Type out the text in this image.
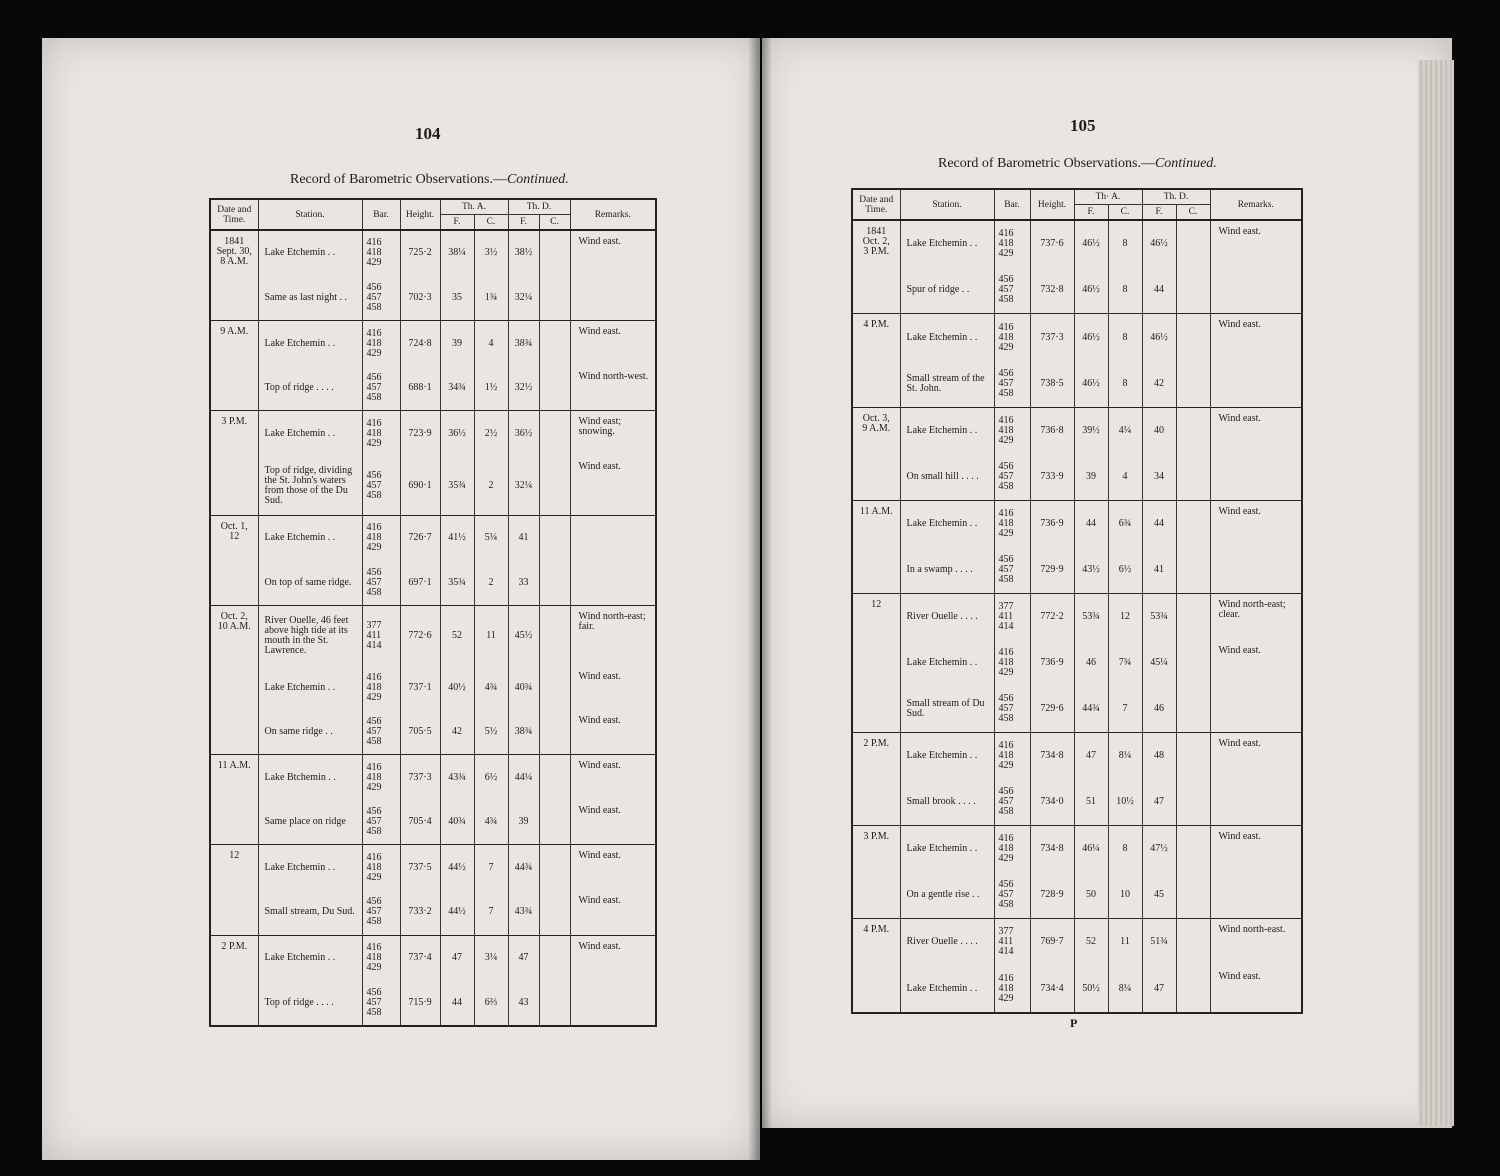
104
Record of Barometric Observations.—Continued.
Date and Time.	Station.	Bar.	Height.	Th. A.		Th. D.		Remarks.
				F.	C.	F.	C.	
1841
Sept. 30,
8 A.M.	Lake Etchemin . .	416
418
429	725·2	38¼	3½	38½		Wind east.
	Same as last night . .	456
457
458	702·3	35	1¾	32¼		
9 A.M.	Lake Etchemin . .	416
418
429	724·8	39	4	38¾		Wind east.
	Top of ridge . . . .	456
457
458	688·1	34¾	1½	32½		Wind north-west.
3 P.M.	Lake Etchemin . .	416
418
429	723·9	36½	2½	36½		Wind east; snowing.
	Top of ridge, dividing the St. John's waters from those of the Du Sud.	456
457
458	690·1	35¾	2	32¼		Wind east.
Oct. 1,
12	Lake Etchemin . .	416
418
429	726·7	41½	5¼	41		
	On top of same ridge.	456
457
458	697·1	35¾	2	33		
Oct. 2,
10 A.M.	River Ouelle, 46 feet above high tide at its mouth in the St. Lawrence.	377
411
414	772·6	52	11	45½		Wind north-east; fair.
	Lake Etchemin . .	416
418
429	737·1	40½	4¾	40¾		Wind east.
	On same ridge . .	456
457
458	705·5	42	5½	38¾		Wind east.
11 A.M.	Lake Btchemin . .	416
418
429	737·3	43¾	6½	44¼		Wind east.
	Same place on ridge	456
457
458	705·4	40¾	4¾	39		Wind east.
12	Lake Etchemin . .	416
418
429	737·5	44½	7	44¾		Wind east.
	Small stream, Du Sud.	456
457
458	733·2	44½	7	43¾		Wind east.
2 P.M.	Lake Etchemin . .	416
418
429	737·4	47	3¼	47		Wind east.
	Top of ridge . . . .	456
457
458	715·9	44	6⅔	43		
105
Record of Barometric Observations.—Continued.
Date and Time.	Station.	Bar.	Height.	Th· A.		Th. D.		Remarks.
				F.	C.	F.	C.	
1841
Oct. 2,
3 P.M.	Lake Etchemin . .	416
418
429	737·6	46½	8	46½		Wind east.
	Spur of ridge . .	456
457
458	732·8	46½	8	44		
4 P.M.	Lake Etchemin . .	416
418
429	737·3	46½	8	46½		Wind east.
	Small stream of the St. John.	456
457
458	738·5	46½	8	42		
Oct. 3,
9 A.M.	Lake Etchemin . .	416
418
429	736·8	39½	4¼	40		Wind east.
	On small hill . . . .	456
457
458	733·9	39	4	34		
11 A.M.	Lake Etchemin . .	416
418
429	736·9	44	6¾	44		Wind east.
	In a swamp . . . .	456
457
458	729·9	43½	6½	41		
12	River Ouelle . . . .	377
411
414	772·2	53¾	12	53¾		Wind north-east; clear.
	Lake Etchemin . .	416
418
429	736·9	46	7¾	45¼		Wind east.
	Small stream of Du Sud.	456
457
458	729·6	44¾	7	46		
2 P.M.	Lake Etchemin . .	416
418
429	734·8	47	8¼	48		Wind east.
	Small brook . . . .	456
457
458	734·0	51	10½	47		
3 P.M.	Lake Etchemin . .	416
418
429	734·8	46¼	8	47½		Wind east.
	On a gentle rise . .	456
457
458	728·9	50	10	45		
4 P.M.	River Ouelle . . . .	377
411
414	769·7	52	11	51¾		Wind north-east.
	Lake Etchemin . .	416
418
429	734·4	50½	8¼	47		Wind east.
P
